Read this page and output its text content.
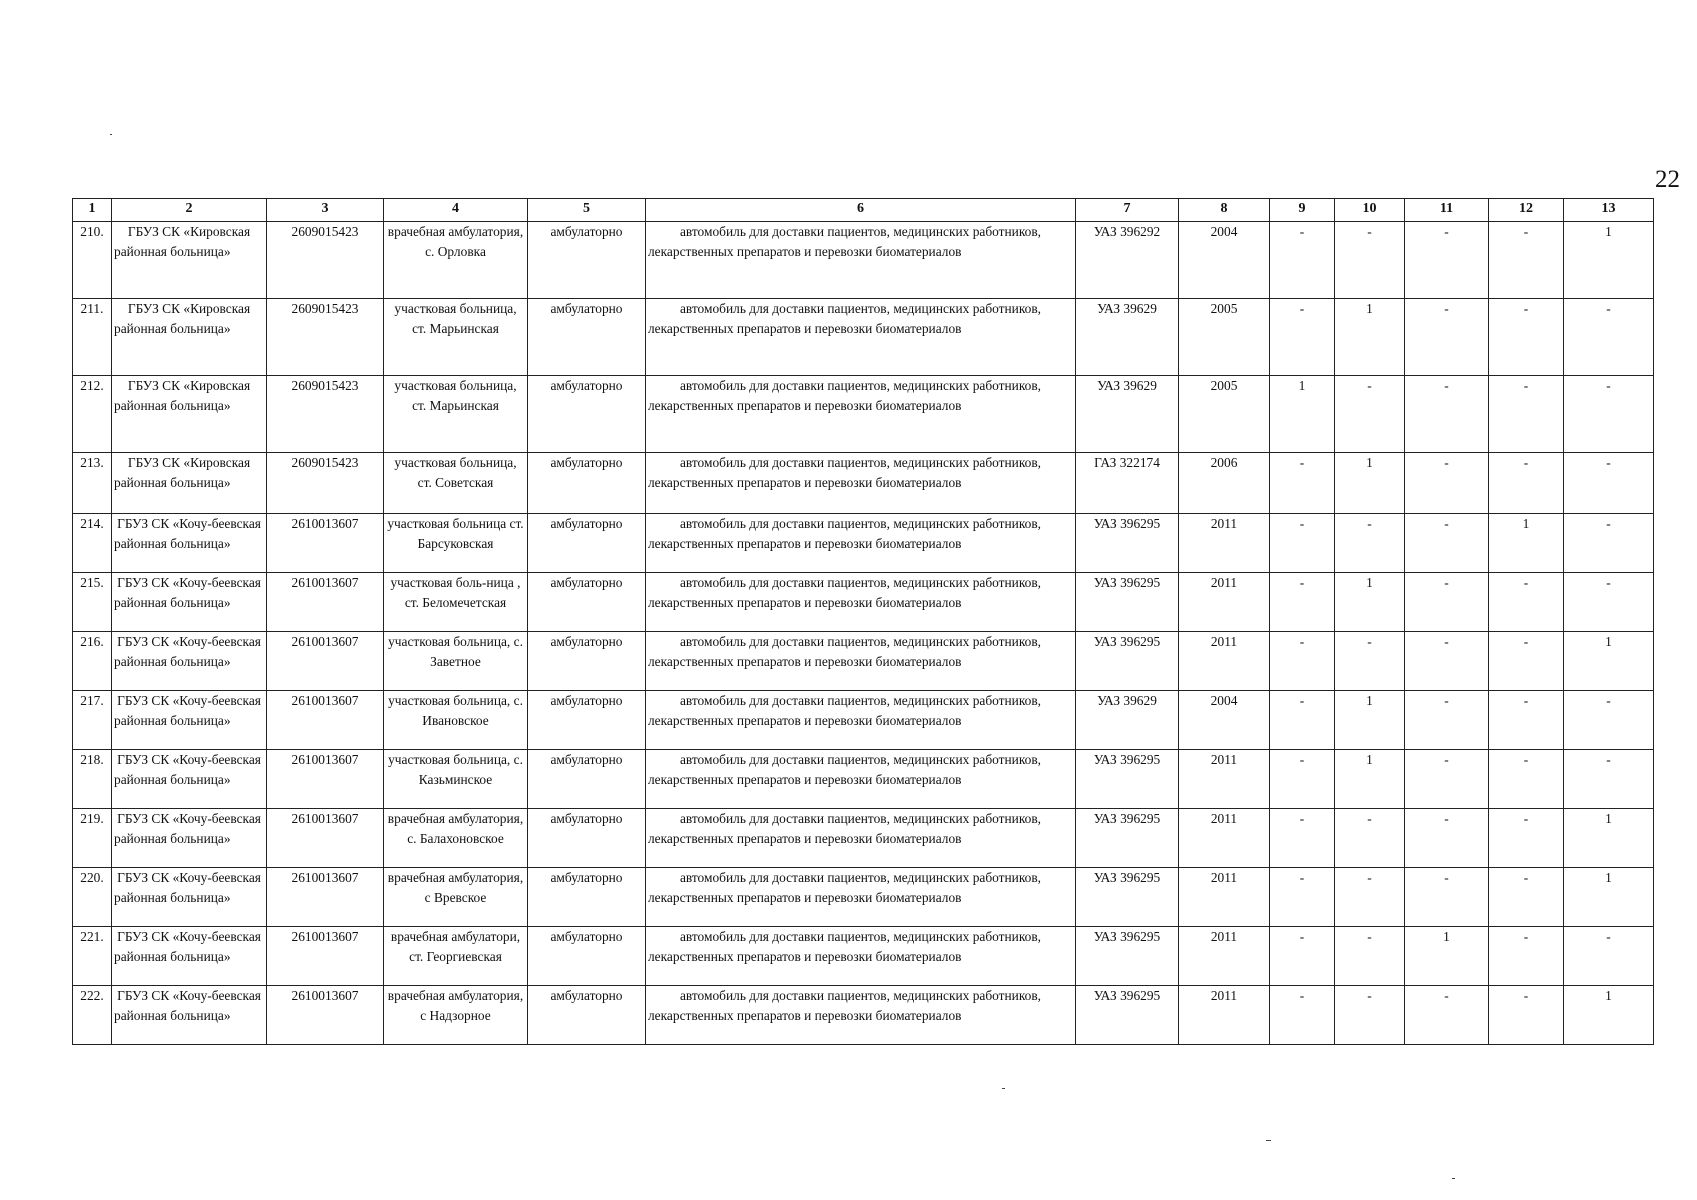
22
1	2	3	4	5	6	7	8	9	10	11	12	13
210.	ГБУЗ СК «Кировская районная больница»	2609015423	врачебная амбулатория, с. Орловка	амбулаторно	автомобиль для доставки пациентов, медицинских работников, лекарственных препаратов и перевозки биоматериалов	УАЗ 396292	2004	-	-	-	-	1
211.	ГБУЗ СК «Кировская районная больница»	2609015423	участковая больница, ст. Марьинская	амбулаторно	автомобиль для доставки пациентов, медицинских работников, лекарственных препаратов и перевозки биоматериалов	УАЗ 39629	2005	-	1	-	-	-
212.	ГБУЗ СК «Кировская районная больница»	2609015423	участковая больница, ст. Марьинская	амбулаторно	автомобиль для доставки пациентов, медицинских работников, лекарственных препаратов и перевозки биоматериалов	УАЗ 39629	2005	1	-	-	-	-
213.	ГБУЗ СК «Кировская районная больница»	2609015423	участковая больница, ст. Советская	амбулаторно	автомобиль для доставки пациентов, медицинских работников, лекарственных препаратов и перевозки биоматериалов	ГАЗ 322174	2006	-	1	-	-	-
214.	ГБУЗ СК «Кочу-беевская районная больница»	2610013607	участковая больница ст. Барсуковская	амбулаторно	автомобиль для доставки пациентов, медицинских работников, лекарственных препаратов и перевозки биоматериалов	УАЗ 396295	2011	-	-	-	1	-
215.	ГБУЗ СК «Кочу-беевская районная больница»	2610013607	участковая боль-ница , ст. Беломечетская	амбулаторно	автомобиль для доставки пациентов, медицинских работников, лекарственных препаратов и перевозки биоматериалов	УАЗ 396295	2011	-	1	-	-	-
216.	ГБУЗ СК «Кочу-беевская районная больница»	2610013607	участковая больница, с. Заветное	амбулаторно	автомобиль для доставки пациентов, медицинских работников, лекарственных препаратов и перевозки биоматериалов	УАЗ 396295	2011	-	-	-	-	1
217.	ГБУЗ СК «Кочу-беевская районная больница»	2610013607	участковая больница, с. Ивановское	амбулаторно	автомобиль для доставки пациентов, медицинских работников, лекарственных препаратов и перевозки биоматериалов	УАЗ 39629	2004	-	1	-	-	-
218.	ГБУЗ СК «Кочу-беевская районная больница»	2610013607	участковая больница, с. Казьминское	амбулаторно	автомобиль для доставки пациентов, медицинских работников, лекарственных препаратов и перевозки биоматериалов	УАЗ 396295	2011	-	1	-	-	-
219.	ГБУЗ СК «Кочу-беевская районная больница»	2610013607	врачебная амбулатория, с. Балахоновское	амбулаторно	автомобиль для доставки пациентов, медицинских работников, лекарственных препаратов и перевозки биоматериалов	УАЗ 396295	2011	-	-	-	-	1
220.	ГБУЗ СК «Кочу-беевская районная больница»	2610013607	врачебная амбулатория, с Вревское	амбулаторно	автомобиль для доставки пациентов, медицинских работников, лекарственных препаратов и перевозки биоматериалов	УАЗ 396295	2011	-	-	-	-	1
221.	ГБУЗ СК «Кочу-беевская районная больница»	2610013607	врачебная амбулатори, ст. Георгиевская	амбулаторно	автомобиль для доставки пациентов, медицинских работников, лекарственных препаратов и перевозки биоматериалов	УАЗ 396295	2011	-	-	1	-	-
222.	ГБУЗ СК «Кочу-беевская районная больница»	2610013607	врачебная амбулатория, с Надзорное	амбулаторно	автомобиль для доставки пациентов, медицинских работников, лекарственных препаратов и перевозки биоматериалов	УАЗ 396295	2011	-	-	-	-	1
